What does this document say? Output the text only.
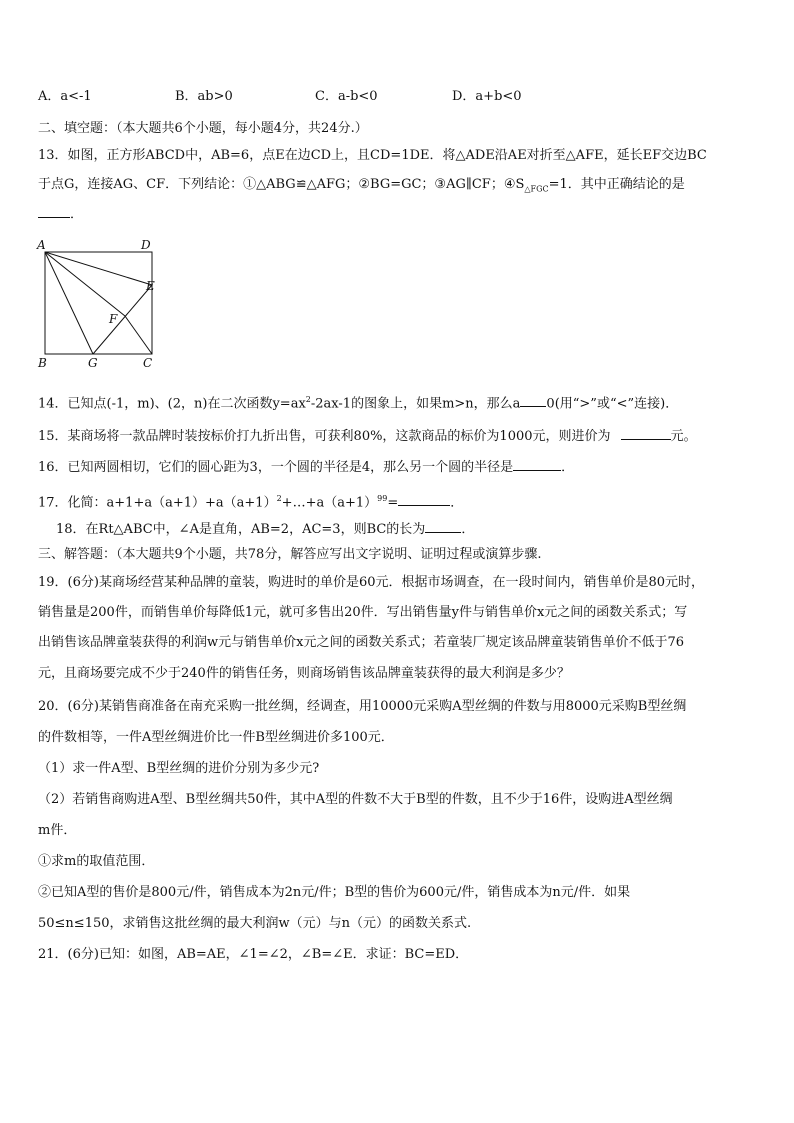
A．a<-1	B．ab>0	C．a-b<0	D．a+b<0
二、填空题：（本大题共6个小题，每小题4分，共24分.）
13．如图，正方形ABCD中，AB=6，点E在边CD上，且CD=1DE．将△ADE沿AE对折至△AFE，延长EF交边BC
于点G，连接AG、CF．下列结论：①△ABG≌△AFG；②BG=GC；③AG∥CF；$④S_{\triangle FGC}=1$．其中正确结论的是
．
A	D
E
F
B	G	C
14．已知点(-1，m)、(2，n)在二次函数$y=ax^2-2ax-1$的图象上，如果m>n，那么a 0(用“>”或“<”连接)．
15．某商场将一款品牌时装按标价打九折出售，可获利80%，这款商品的标价为1000元，则进价为	元。
16．已知两圆相切，它们的圆心距为3，一个圆的半径是4，那么另一个圆的半径是	．
17．化简：$a+1+a(a+1)+a(a+1)^2+\dots+a(a+1)^{99}=$	．
18．在Rt△ABC中，∠A是直角，AB=2，AC=3，则BC的长为	．
三、解答题：（本大题共9个小题，共78分，解答应写出文字说明、证明过程或演算步骤.
19．(6分)某商场经营某种品牌的童装，购进时的单价是60元．根据市场调查，在一段时间内，销售单价是80元时，
销售量是200件，而销售单价每降低1元，就可多售出20件．写出销售量y件与销售单价x元之间的函数关系式；写
出销售该品牌童装获得的利润w元与销售单价x元之间的函数关系式；若童装厂规定该品牌童装销售单价不低于76
元，且商场要完成不少于240件的销售任务，则商场销售该品牌童装获得的最大利润是多少？
20．(6分)某销售商准备在南充采购一批丝绸，经调查，用10000元采购A型丝绸的件数与用8000元采购B型丝绸
的件数相等，一件A型丝绸进价比一件B型丝绸进价多100元．
（1）求一件A型、B型丝绸的进价分别为多少元?
（2）若销售商购进A型、B型丝绸共50件，其中A型的件数不大于B型的件数，且不少于16件，设购进A型丝绸
m件．
①求m的取值范围．
②已知A型的售价是800元/件，销售成本为2n元/件；B型的售价为600元/件，销售成本为n元/件．如果
50≤n≤150，求销售这批丝绸的最大利润w（元）与n（元）的函数关系式.
21．(6分)已知：如图，AB=AE，∠1=∠2，∠B=∠E．求证：BC=ED．
